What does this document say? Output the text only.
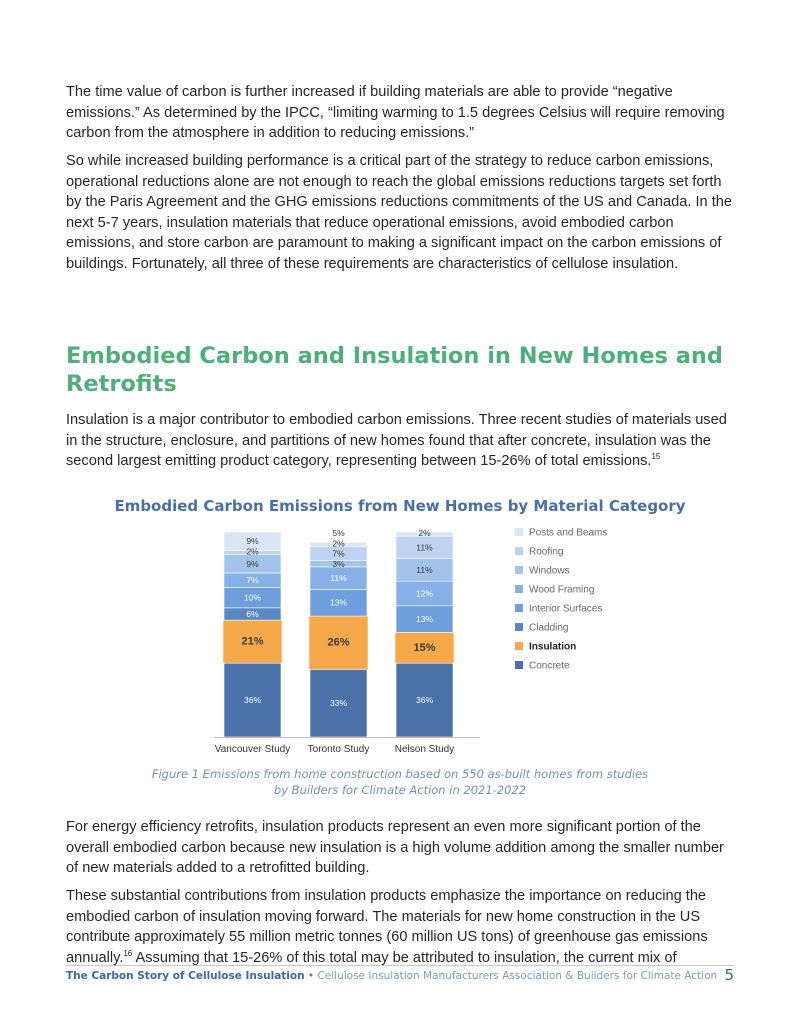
The time value of carbon is further increased if building materials are able to provide “negative emissions.” As determined by the IPCC, “limiting warming to 1.5 degrees Celsius will require removing carbon from the atmosphere in addition to reducing emissions.”

So while increased building performance is a critical part of the strategy to reduce carbon emissions, operational reductions alone are not enough to reach the global emissions reductions targets set forth by the Paris Agreement and the GHG emissions reductions commitments of the US and Canada. In the next 5-7 years, insulation materials that reduce operational emissions, avoid embodied carbon emissions, and store carbon are paramount to making a significant impact on the carbon emissions of buildings. Fortunately, all three of these requirements are characteristics of cellulose insulation.

Embodied Carbon and Insulation in New Homes and Retrofits

Insulation is a major contributor to embodied carbon emissions. Three recent studies of materials used in the structure, enclosure, and partitions of new homes found that after concrete, insulation was the second largest emitting product category, representing between 15-26% of total emissions.$^{15}$

Embodied Carbon Emissions from New Homes by Material Category
36%
21%
6%
10%
7%
9%
2%
9%
Vancouver Study
33%
26%
13%
11%
3%
7%
2%
5%
Toronto Study
36%
15%
13%
12%
11%
11%
2%
Nelson Study
Posts and Beams
Roofing
Windows
Wood Framing
Interior Surfaces
Cladding
Insulation
Concrete

Figure 1 Emissions from home construction based on 550 as-built homes from studies by Builders for Climate Action in 2021-2022

For energy efficiency retrofits, insulation products represent an even more significant portion of the overall embodied carbon because new insulation is a high volume addition among the smaller number of new materials added to a retrofitted building.

These substantial contributions from insulation products emphasize the importance on reducing the embodied carbon of insulation moving forward. The materials for new home construction in the US contribute approximately 55 million metric tonnes (60 million US tons) of greenhouse gas emissions annually.$^{16}$ Assuming that 15-26% of this total may be attributed to insulation, the current mix of

The Carbon Story of Cellulose Insulation • Cellulose Insulation Manufacturers Association & Builders for Climate Action 5
